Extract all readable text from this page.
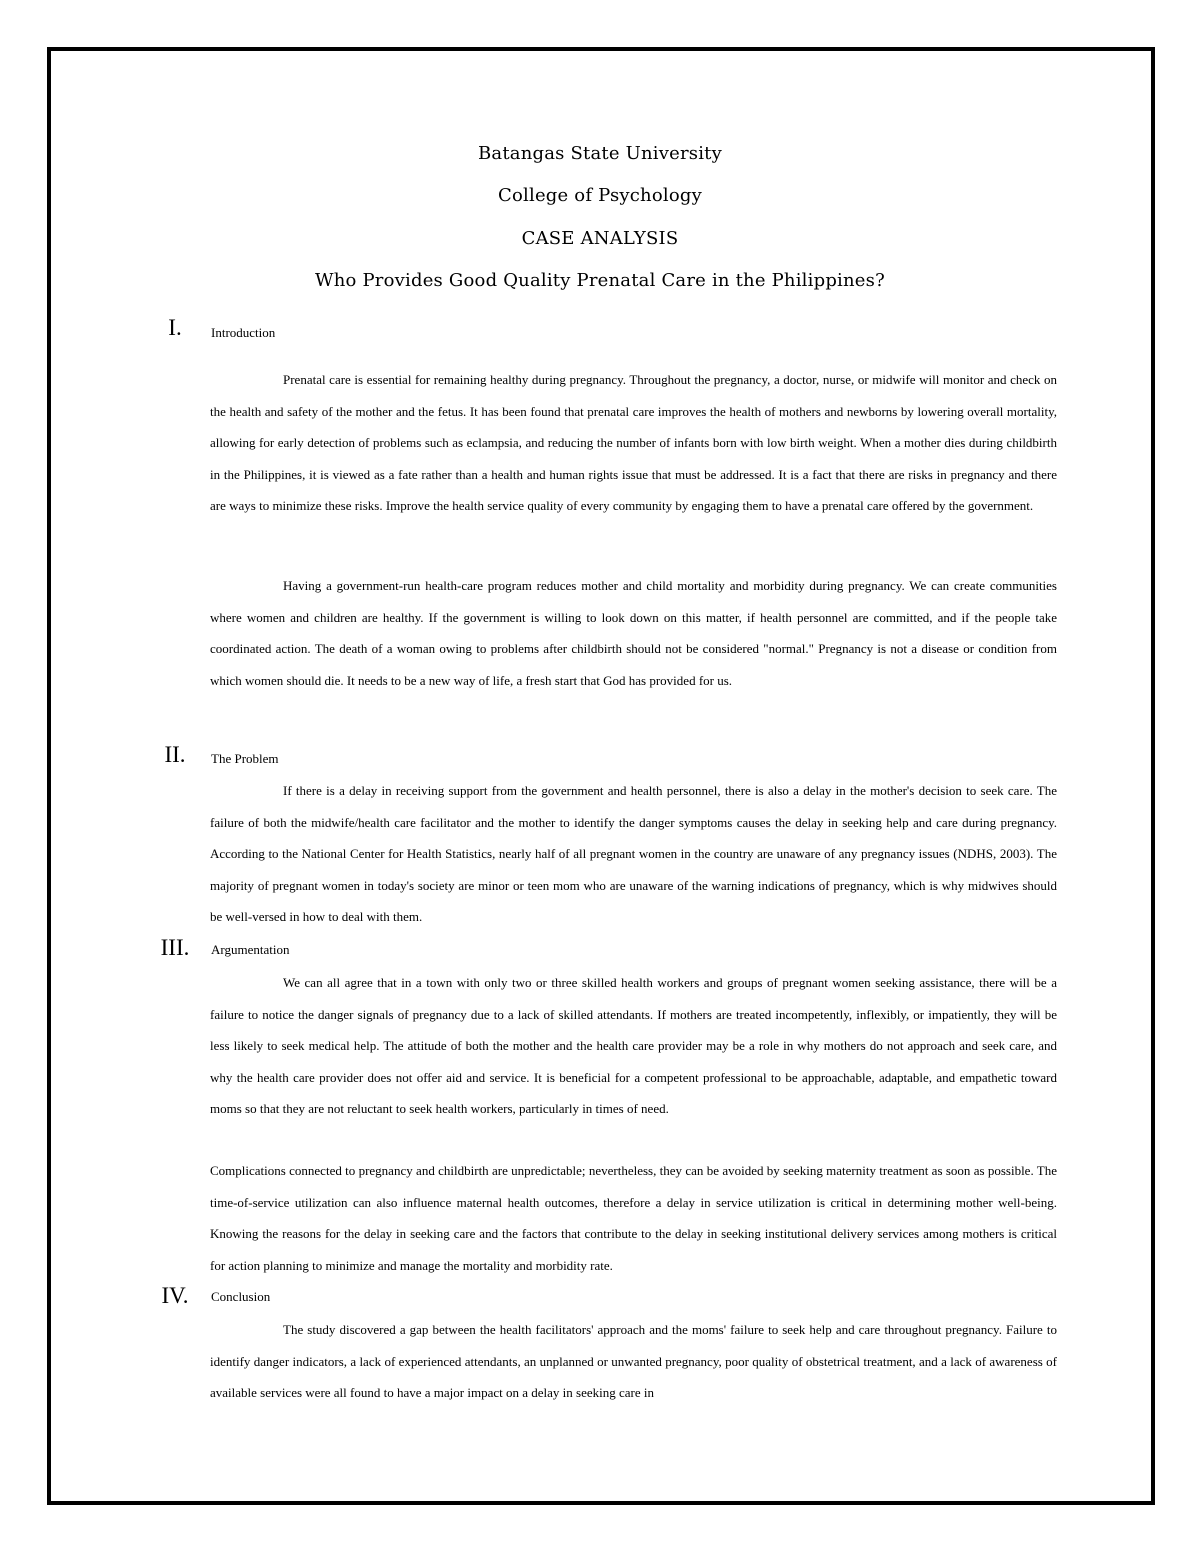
Batangas State University
College of Psychology
CASE ANALYSIS
Who Provides Good Quality Prenatal Care in the Philippines?
I.	Introduction

Prenatal care is essential for remaining healthy during pregnancy. Throughout the pregnancy, a doctor, nurse, or midwife will monitor and check on the health and safety of the mother and the fetus. It has been found that prenatal care improves the health of mothers and newborns by lowering overall mortality, allowing for early detection of problems such as eclampsia, and reducing the number of infants born with low birth weight. When a mother dies during childbirth in the Philippines, it is viewed as a fate rather than a health and human rights issue that must be addressed. It is a fact that there are risks in pregnancy and there are ways to minimize these risks. Improve the health service quality of every community by engaging them to have a prenatal care offered by the government.

Having a government-run health-care program reduces mother and child mortality and morbidity during pregnancy. We can create communities where women and children are healthy. If the government is willing to look down on this matter, if health personnel are committed, and if the people take coordinated action. The death of a woman owing to problems after childbirth should not be considered "normal." Pregnancy is not a disease or condition from which women should die. It needs to be a new way of life, a fresh start that God has provided for us.

II.	The Problem

If there is a delay in receiving support from the government and health personnel, there is also a delay in the mother's decision to seek care. The failure of both the midwife/health care facilitator and the mother to identify the danger symptoms causes the delay in seeking help and care during pregnancy. According to the National Center for Health Statistics, nearly half of all pregnant women in the country are unaware of any pregnancy issues (NDHS, 2003). The majority of pregnant women in today's society are minor or teen mom who are unaware of the warning indications of pregnancy, which is why midwives should be well-versed in how to deal with them.

III.	Argumentation

We can all agree that in a town with only two or three skilled health workers and groups of pregnant women seeking assistance, there will be a failure to notice the danger signals of pregnancy due to a lack of skilled attendants. If mothers are treated incompetently, inflexibly, or impatiently, they will be less likely to seek medical help. The attitude of both the mother and the health care provider may be a role in why mothers do not approach and seek care, and why the health care provider does not offer aid and service. It is beneficial for a competent professional to be approachable, adaptable, and empathetic toward moms so that they are not reluctant to seek health workers, particularly in times of need.

Complications connected to pregnancy and childbirth are unpredictable; nevertheless, they can be avoided by seeking maternity treatment as soon as possible. The time-of-service utilization can also influence maternal health outcomes, therefore a delay in service utilization is critical in determining mother well-being. Knowing the reasons for the delay in seeking care and the factors that contribute to the delay in seeking institutional delivery services among mothers is critical for action planning to minimize and manage the mortality and morbidity rate.

IV.	Conclusion

The study discovered a gap between the health facilitators' approach and the moms' failure to seek help and care throughout pregnancy. Failure to identify danger indicators, a lack of experienced attendants, an unplanned or unwanted pregnancy, poor quality of obstetrical treatment, and a lack of awareness of available services were all found to have a major impact on a delay in seeking care in
